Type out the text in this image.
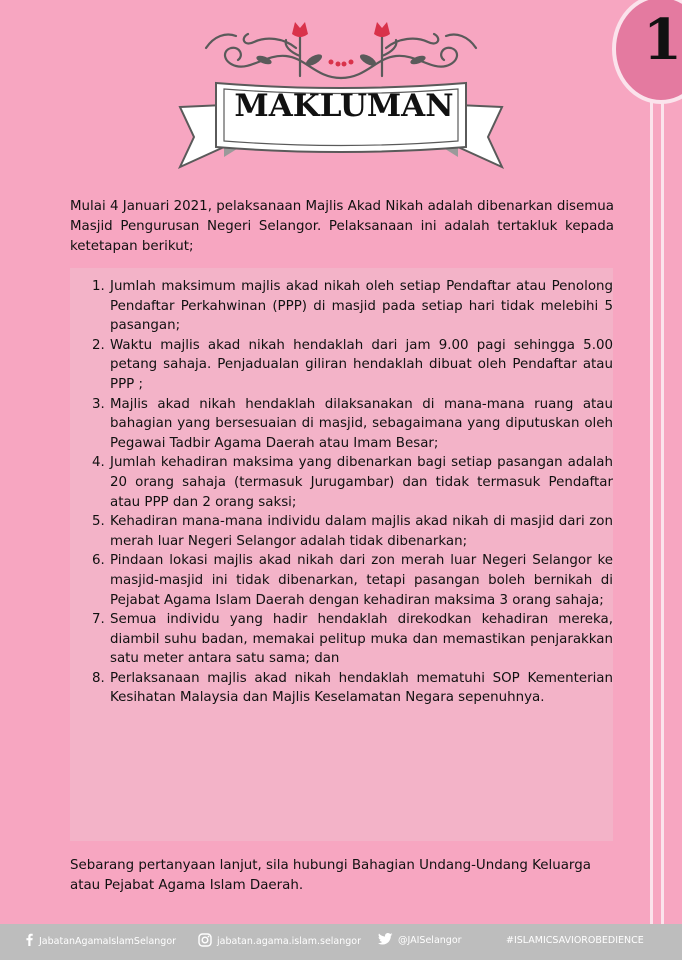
1
MAKLUMAN
Mulai 4 Januari 2021, pelaksanaan Majlis Akad Nikah adalah dibenarkan disemua Masjid Pengurusan Negeri Selangor. Pelaksanaan ini adalah tertakluk kepada ketetapan berikut;
1. Jumlah maksimum majlis akad nikah oleh setiap Pendaftar atau Penolong Pendaftar Perkahwinan (PPP) di masjid pada setiap hari tidak melebihi 5 pasangan;
2. Waktu majlis akad nikah hendaklah dari jam 9.00 pagi sehingga 5.00 petang sahaja. Penjadualan giliran hendaklah dibuat oleh Pendaftar atau PPP ;
3. Majlis akad nikah hendaklah dilaksanakan di mana-mana ruang atau bahagian yang bersesuaian di masjid, sebagaimana yang diputuskan oleh Pegawai Tadbir Agama Daerah atau Imam Besar;
4. Jumlah kehadiran maksima yang dibenarkan bagi setiap pasangan adalah 20 orang sahaja (termasuk Jurugambar) dan tidak termasuk Pendaftar atau PPP dan 2 orang saksi;
5. Kehadiran mana-mana individu dalam majlis akad nikah di masjid dari zon merah luar Negeri Selangor adalah tidak dibenarkan;
6. Pindaan lokasi majlis akad nikah dari zon merah luar Negeri Selangor ke masjid-masjid ini tidak dibenarkan, tetapi pasangan boleh bernikah di Pejabat Agama Islam Daerah dengan kehadiran maksima 3 orang sahaja;
7. Semua individu yang hadir hendaklah direkodkan kehadiran mereka, diambil suhu badan, memakai pelitup muka dan memastikan penjarakkan satu meter antara satu sama; dan
8. Perlaksanaan majlis akad nikah hendaklah mematuhi SOP Kementerian Kesihatan Malaysia dan Majlis Keselamatan Negara sepenuhnya.
Sebarang pertanyaan lanjut, sila hubungi Bahagian Undang-Undang Keluarga atau Pejabat Agama Islam Daerah.
JabatanAgamaIslamSelangor	jabatan.agama.islam.selangor	@JAISelangor	#ISLAMICSAVIOROBEDIENCE
